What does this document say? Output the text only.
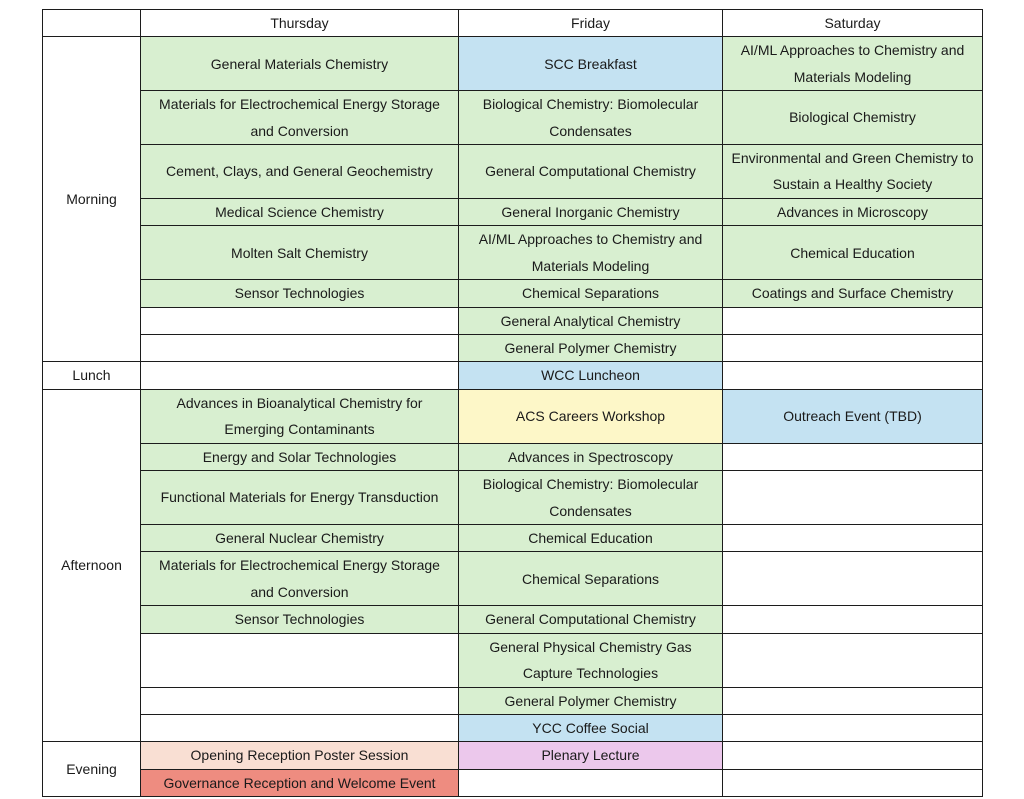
	Thursday	Friday	Saturday
Morning	General Materials Chemistry	SCC Breakfast	AI/ML Approaches to Chemistry and Materials Modeling
	Materials for Electrochemical Energy Storage and Conversion	Biological Chemistry: Biomolecular Condensates	Biological Chemistry
	Cement, Clays, and General Geochemistry	General Computational Chemistry	Environmental and Green Chemistry to Sustain a Healthy Society
	Medical Science Chemistry	General Inorganic Chemistry	Advances in Microscopy
	Molten Salt Chemistry	AI/ML Approaches to Chemistry and Materials Modeling	Chemical Education
	Sensor Technologies	Chemical Separations	Coatings and Surface Chemistry
		General Analytical Chemistry	
		General Polymer Chemistry	
Lunch		WCC Luncheon	
Afternoon	Advances in Bioanalytical Chemistry for Emerging Contaminants	ACS Careers Workshop	Outreach Event (TBD)
	Energy and Solar Technologies	Advances in Spectroscopy	
	Functional Materials for Energy Transduction	Biological Chemistry: Biomolecular Condensates	
	General Nuclear Chemistry	Chemical Education	
	Materials for Electrochemical Energy Storage and Conversion	Chemical Separations	
	Sensor Technologies	General Computational Chemistry	
		General Physical Chemistry Gas Capture Technologies	
		General Polymer Chemistry	
		YCC Coffee Social	
Evening	Opening Reception Poster Session	Plenary Lecture	
	Governance Reception and Welcome Event		
